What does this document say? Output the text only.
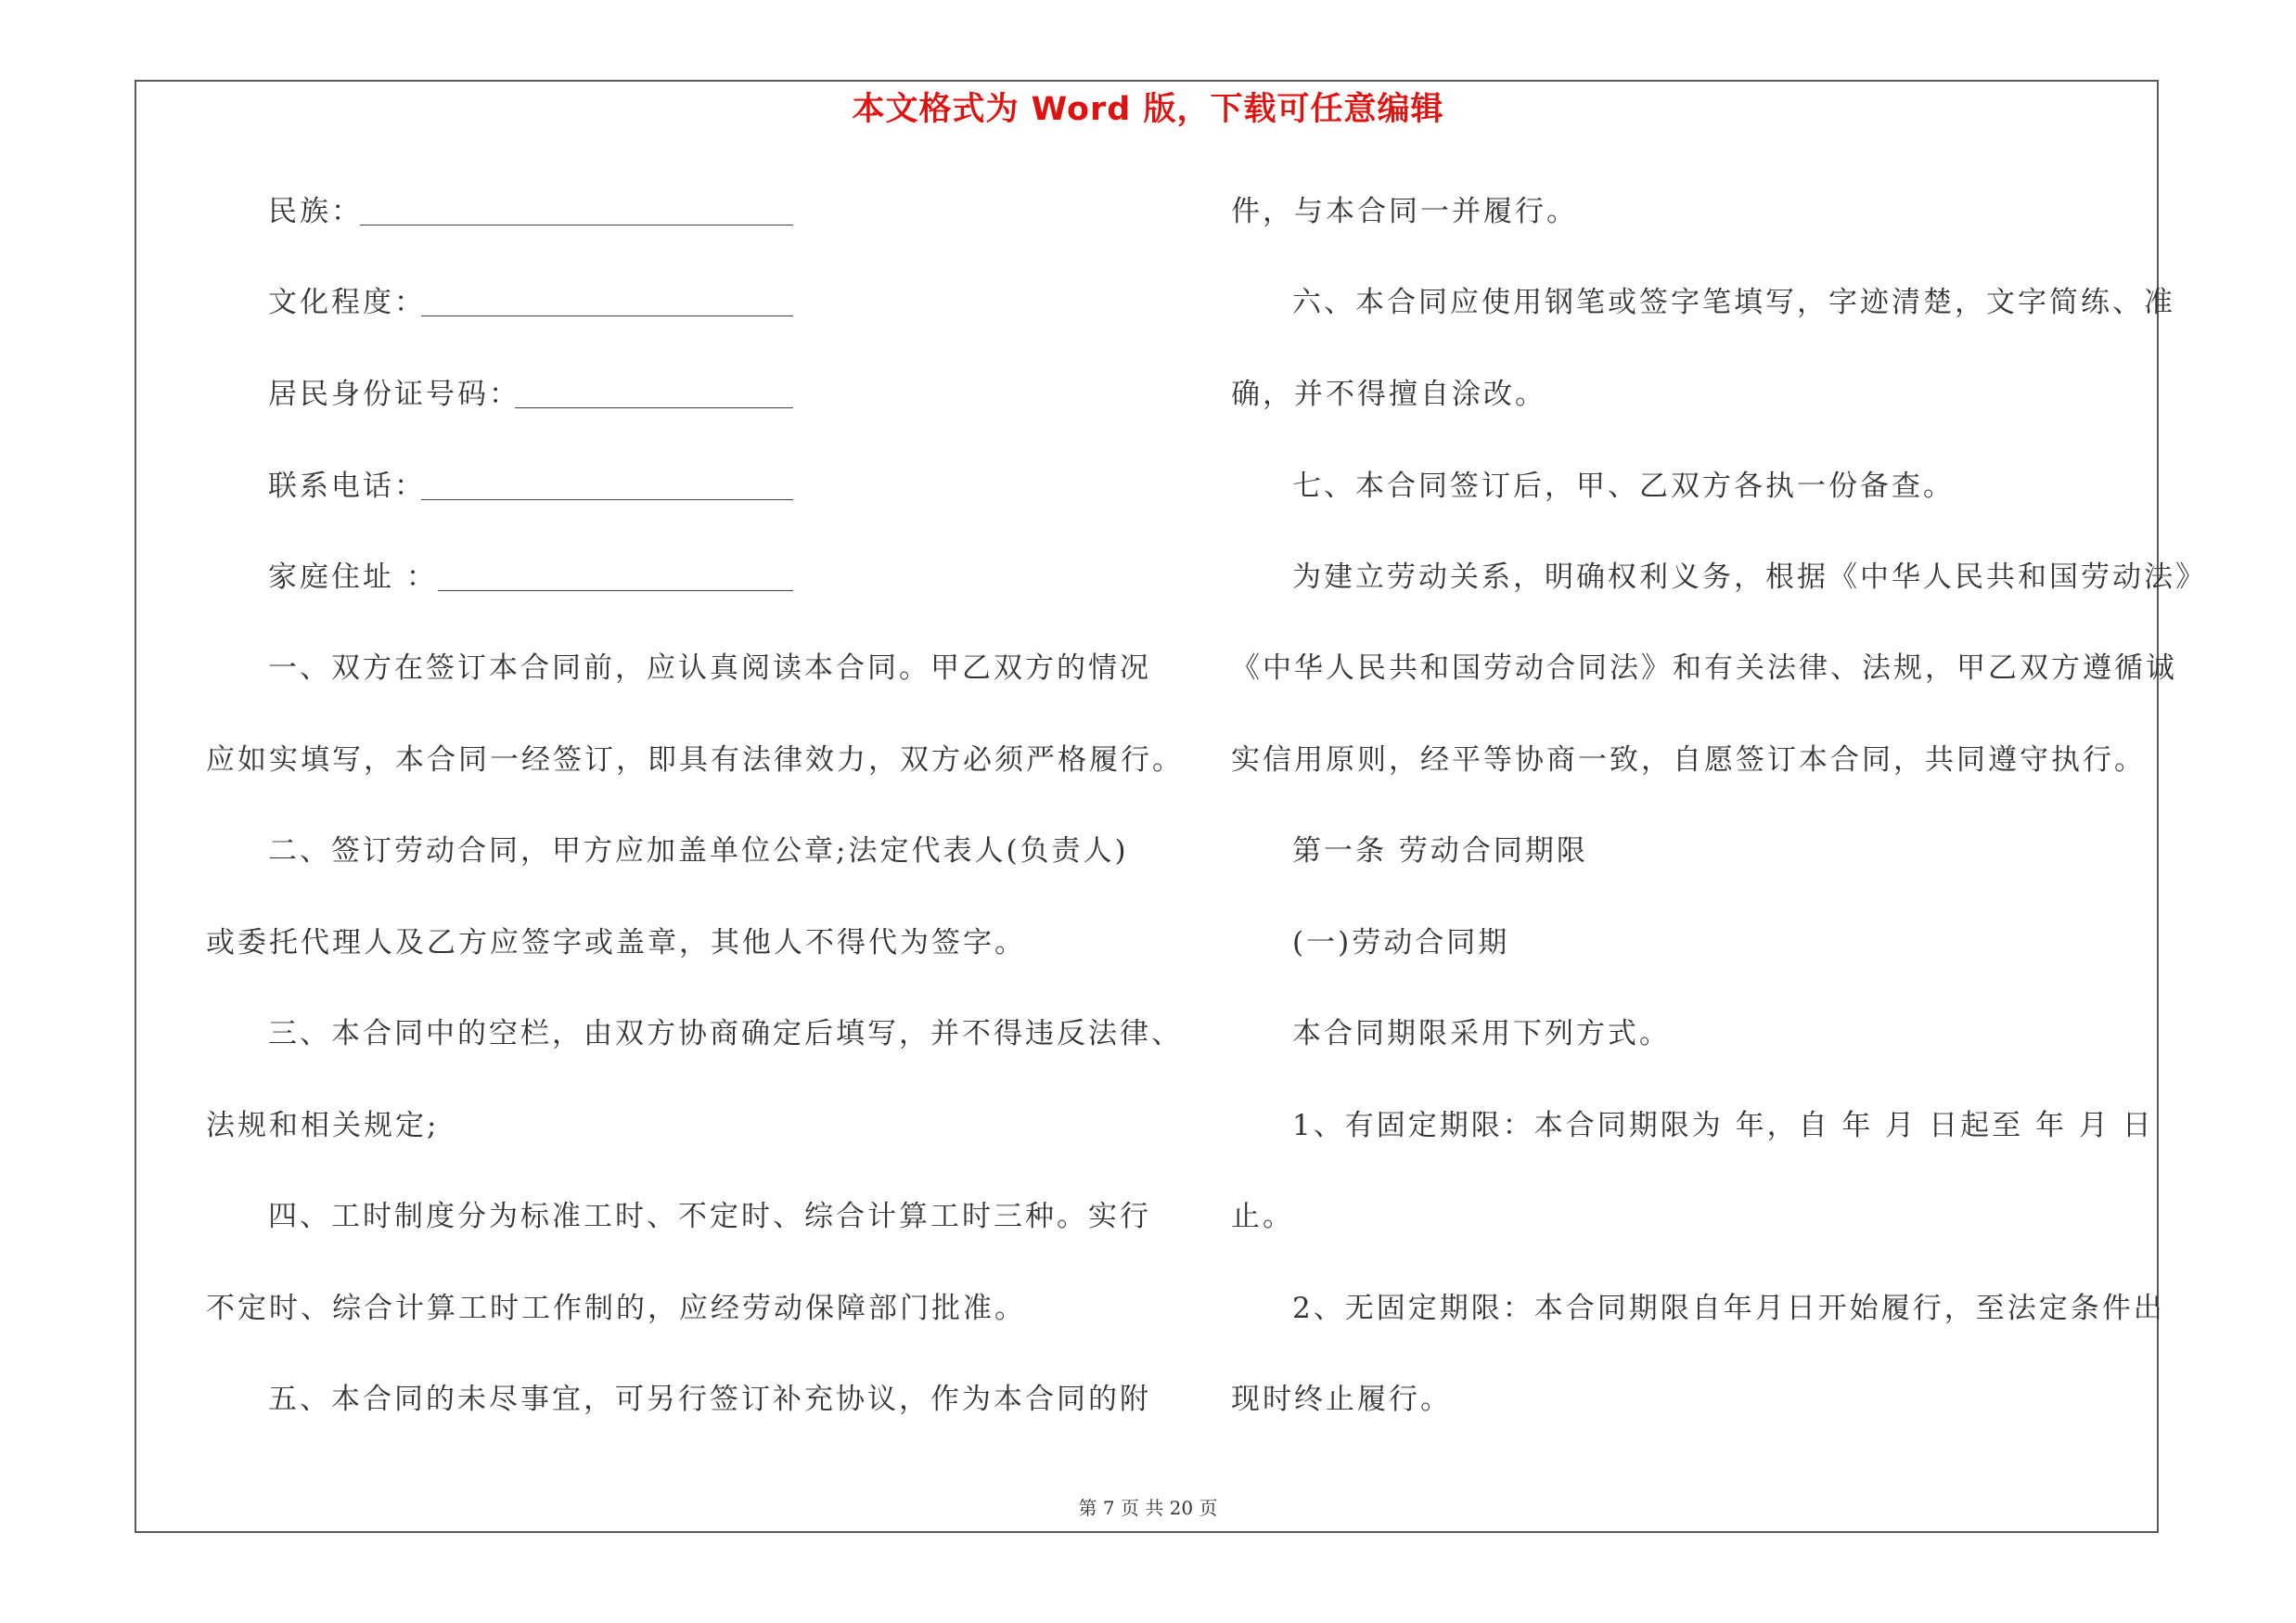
本文格式为 Word 版，下载可任意编辑
民族：
文化程度：
居民身份证号码：
联系电话：
家庭住址 ：
一、双方在签订本合同前，应认真阅读本合同。甲乙双方的情况
应如实填写，本合同一经签订，即具有法律效力，双方必须严格履行。
二、签订劳动合同，甲方应加盖单位公章;法定代表人(负责人)
或委托代理人及乙方应签字或盖章，其他人不得代为签字。
三、本合同中的空栏，由双方协商确定后填写，并不得违反法律、
法规和相关规定;
四、工时制度分为标准工时、不定时、综合计算工时三种。实行
不定时、综合计算工时工作制的，应经劳动保障部门批准。
五、本合同的未尽事宜，可另行签订补充协议，作为本合同的附
件，与本合同一并履行。
六、本合同应使用钢笔或签字笔填写，字迹清楚，文字简练、准
确，并不得擅自涂改。
七、本合同签订后，甲、乙双方各执一份备查。
为建立劳动关系，明确权利义务，根据《中华人民共和国劳动法》
《中华人民共和国劳动合同法》和有关法律、法规，甲乙双方遵循诚
实信用原则，经平等协商一致，自愿签订本合同，共同遵守执行。
第一条 劳动合同期限
(一)劳动合同期
本合同期限采用下列方式。
1、有固定期限：本合同期限为 年，自 年 月 日起至 年 月 日
止。
2、无固定期限：本合同期限自年月日开始履行，至法定条件出
现时终止履行。
第 7 页 共 20 页
